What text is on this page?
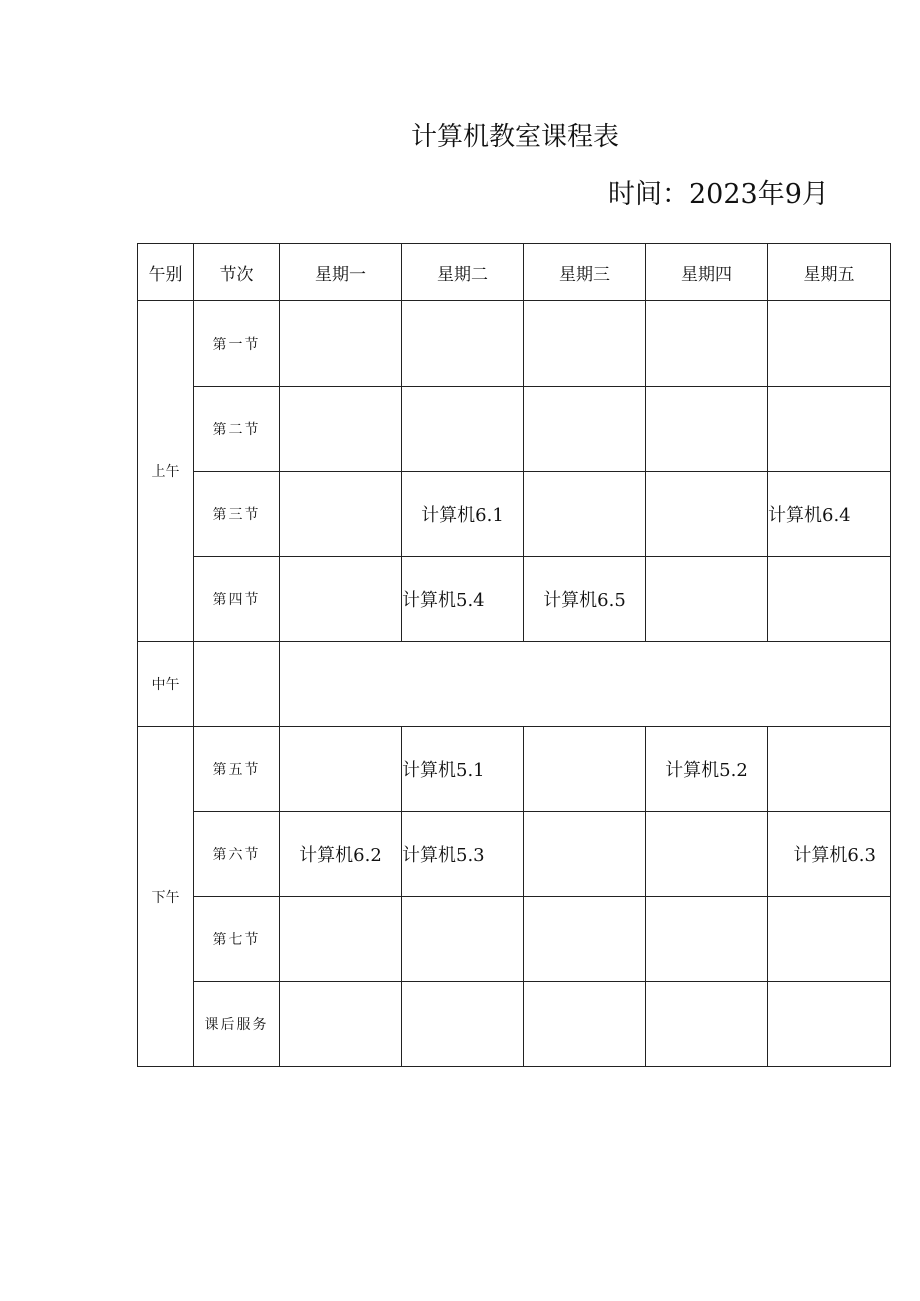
计算机教室课程表
时间：2023年9月
午别	节次	星期一	星期二	星期三	星期四	星期五
上午	第一节					
	第二节					
	第三节		计算机6.1			计算机6.4
	第四节		计算机5.4	计算机6.5		
中午						
下午	第五节		计算机5.1		计算机5.2	
	第六节	计算机6.2	计算机5.3			计算机6.3
	第七节					
	课后服务					
